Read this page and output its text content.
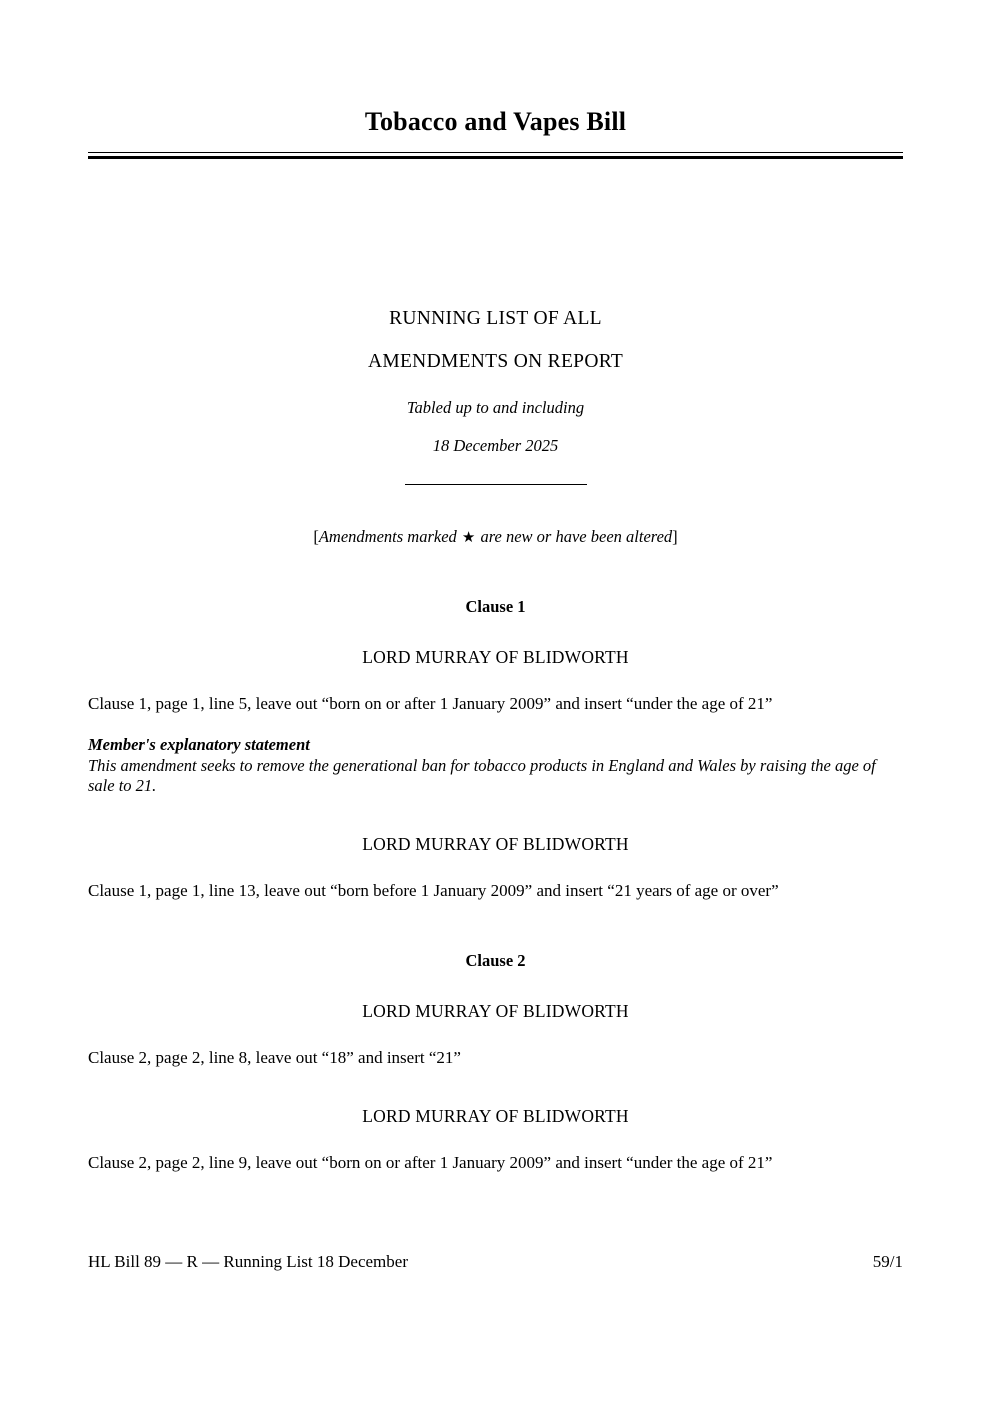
Tobacco and Vapes Bill
RUNNING LIST OF ALL
AMENDMENTS ON REPORT
Tabled up to and including
18 December 2025
[Amendments marked ★ are new or have been altered]
Clause 1
LORD MURRAY OF BLIDWORTH
Clause 1, page 1, line 5, leave out “born on or after 1 January 2009” and insert “under the age of 21”
Member's explanatory statement
This amendment seeks to remove the generational ban for tobacco products in England and Wales by raising the age of sale to 21.
LORD MURRAY OF BLIDWORTH
Clause 1, page 1, line 13, leave out “born before 1 January 2009” and insert “21 years of age or over”
Clause 2
LORD MURRAY OF BLIDWORTH
Clause 2, page 2, line 8, leave out “18” and insert “21”
LORD MURRAY OF BLIDWORTH
Clause 2, page 2, line 9, leave out “born on or after 1 January 2009” and insert “under the age of 21”
HL Bill 89 — R — Running List 18 December	59/1
